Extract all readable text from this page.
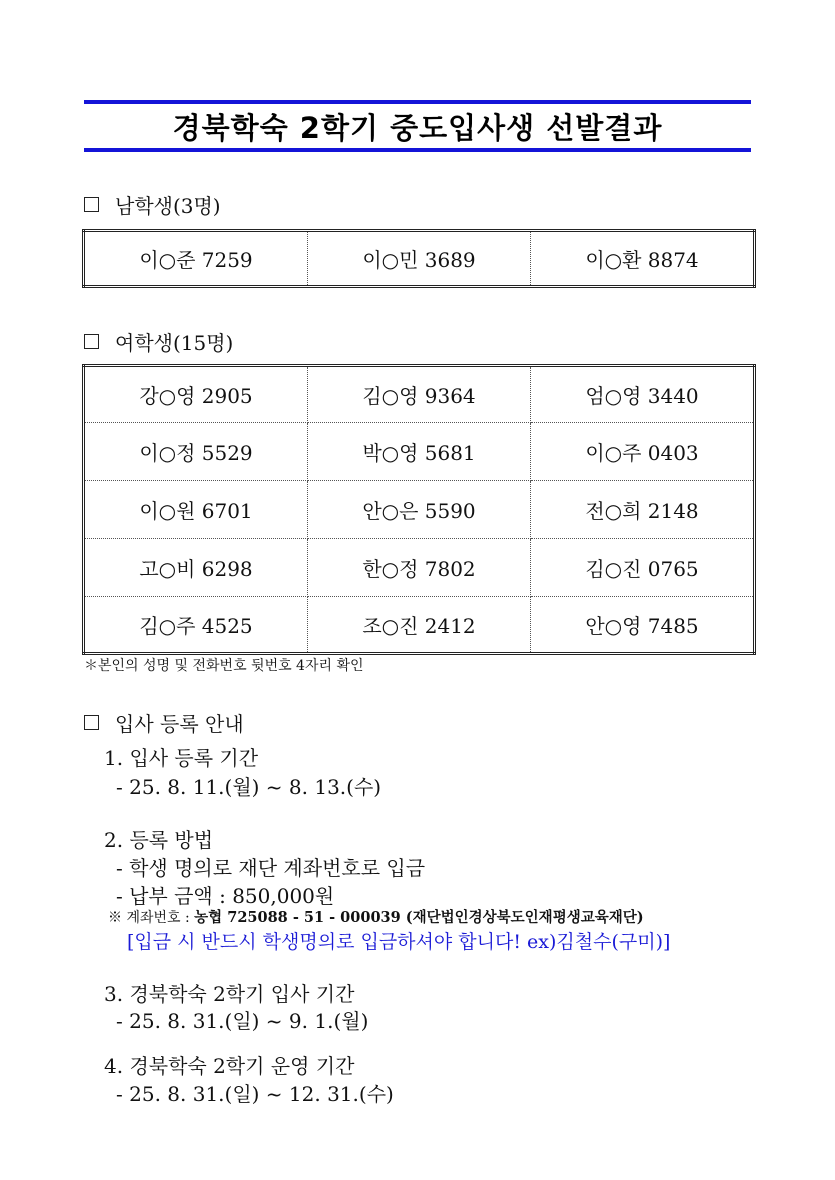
경북학숙 2학기 중도입사생 선발결과
남학생(3명)
이○준 7259	이○민 3689	이○환 8874
여학생(15명)
강○영 2905	김○영 9364	엄○영 3440
이○정 5529	박○영 5681	이○주 0403
이○원 6701	안○은 5590	전○희 2148
고○비 6298	한○정 7802	김○진 0765
김○주 4525	조○진 2412	안○영 7485
＊본인의 성명 및 전화번호 뒷번호 4자리 확인
입사 등록 안내
1. 입사 등록 기간
- 25. 8. 11.(월) ~ 8. 13.(수)
2. 등록 방법
- 학생 명의로 재단 계좌번호로 입금
- 납부 금액 : 850,000원
※ 계좌번호 : 농협 725088 - 51 - 000039 (재단법인경상북도인재평생교육재단)
[입금 시 반드시 학생명의로 입금하셔야 합니다! ex)김철수(구미)]
3. 경북학숙 2학기 입사 기간
- 25. 8. 31.(일) ~ 9. 1.(월)
4. 경북학숙 2학기 운영 기간
- 25. 8. 31.(일) ~ 12. 31.(수)
